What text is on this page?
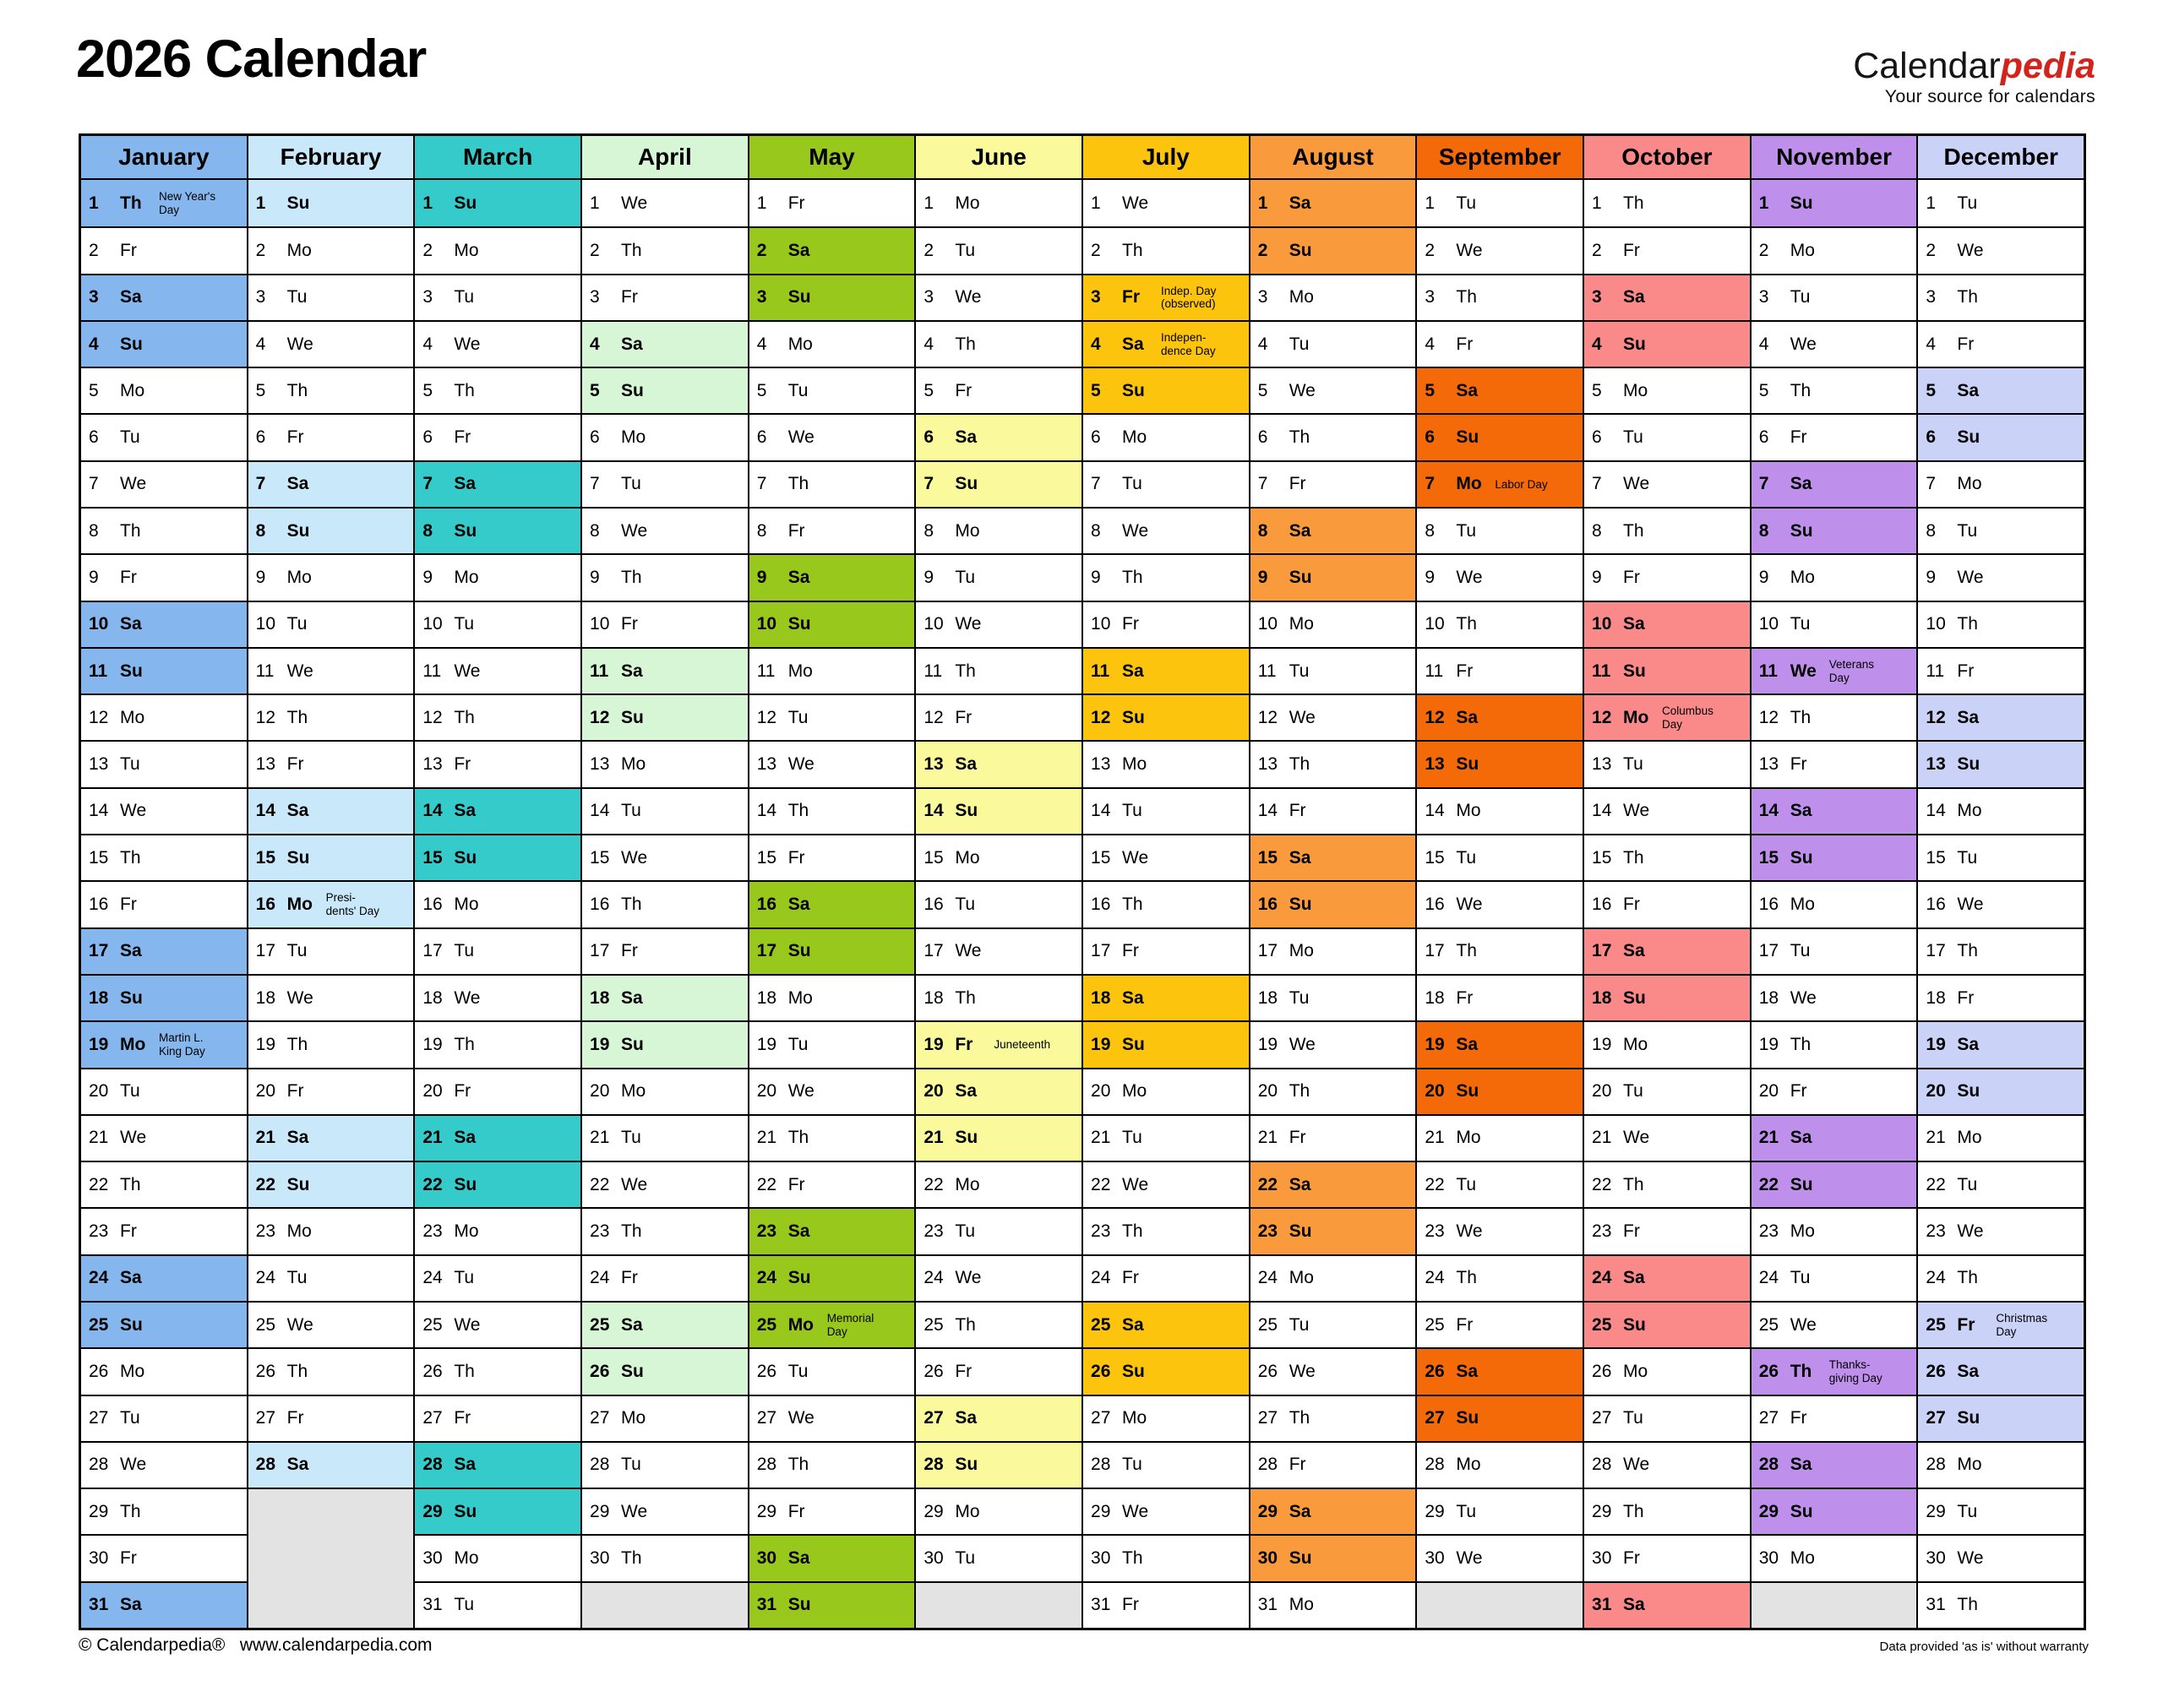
2026 Calendar	Calendarpedia
Your source for calendars
January
1	Th New Year's
Day
2	Fr
3	Sa
4	Su
5	Mo
6	Tu
7	We
8	Th
9	Fr
10 Sa
11 Su
12 Mo
13 Tu
14 We
15 Th
16 Fr
17 Sa
18 Su
19 Mo Martin L.
King Day
20 Tu
21 We
22 Th
23 Fr
24 Sa
25 Su
26 Mo
27 Tu
28 We
29 Th
30 Fr
31 Sa
February
1	Su
2	Mo
3	Tu
4	We
5	Th
6	Fr
7	Sa
8	Su
9	Mo
10 Tu
11 We
12 Th
13 Fr
14 Sa
15 Su
16 Mo Presi-
dents' Day
17 Tu
18 We
19 Th
20 Fr
21 Sa
22 Su
23 Mo
24 Tu
25 We
26 Th
27 Fr
28 Sa
March
1	Su
2	Mo
3	Tu
4	We
5	Th
6	Fr
7	Sa
8	Su
9	Mo
10 Tu
11 We
12 Th
13 Fr
14 Sa
15 Su
16 Mo
17 Tu
18 We
19 Th
20 Fr
21 Sa
22 Su
23 Mo
24 Tu
25 We
26 Th
27 Fr
28 Sa
29 Su
30 Mo
31 Tu
April
1	We
2	Th
3	Fr
4	Sa
5	Su
6	Mo
7	Tu
8	We
9	Th
10 Fr
11 Sa
12 Su
13 Mo
14 Tu
15 We
16 Th
17 Fr
18 Sa
19 Su
20 Mo
21 Tu
22 We
23 Th
24 Fr
25 Sa
26 Su
27 Mo
28 Tu
29 We
30 Th
May
1	Fr
2	Sa
3	Su
4	Mo
5	Tu
6	We
7	Th
8	Fr
9	Sa
10 Su
11 Mo
12 Tu
13 We
14 Th
15 Fr
16 Sa
17 Su
18 Mo
19 Tu
20 We
21 Th
22 Fr
23 Sa
24 Su
25 Mo Memorial
Day
26 Tu
27 We
28 Th
29 Fr
30 Sa
31 Su
June
1	Mo
2	Tu
3	We
4	Th
5	Fr
6	Sa
7	Su
8	Mo
9	Tu
10 We
11 Th
12 Fr
13 Sa
14 Su
15 Mo
16 Tu
17 We
18 Th
19 Fr Juneteenth
20 Sa
21 Su
22 Mo
23 Tu
24 We
25 Th
26 Fr
27 Sa
28 Su
29 Mo
30 Tu
July
1	We
2	Th
3	Fr Indep. Day
(observed)
4	Sa Indepen-
dence Day
5	Su
6	Mo
7	Tu
8	We
9	Th
10 Fr
11 Sa
12 Su
13 Mo
14 Tu
15 We
16 Th
17 Fr
18 Sa
19 Su
20 Mo
21 Tu
22 We
23 Th
24 Fr
25 Sa
26 Su
27 Mo
28 Tu
29 We
30 Th
31 Fr
August
1	Sa
2	Su
3	Mo
4	Tu
5	We
6	Th
7	Fr
8	Sa
9	Su
10 Mo
11 Tu
12 We
13 Th
14 Fr
15 Sa
16 Su
17 Mo
18 Tu
19 We
20 Th
21 Fr
22 Sa
23 Su
24 Mo
25 Tu
26 We
27 Th
28 Fr
29 Sa
30 Su
31 Mo
September
1	Tu
2	We
3	Th
4	Fr
5	Sa
6	Su
7	Mo Labor Day
8	Tu
9	We
10 Th
11 Fr
12 Sa
13 Su
14 Mo
15 Tu
16 We
17 Th
18 Fr
19 Sa
20 Su
21 Mo
22 Tu
23 We
24 Th
25 Fr
26 Sa
27 Su
28 Mo
29 Tu
30 We
October
1	Th
2	Fr
3	Sa
4	Su
5	Mo
6	Tu
7	We
8	Th
9	Fr
10 Sa
11 Su
12 Mo Columbus
Day
13 Tu
14 We
15 Th
16 Fr
17 Sa
18 Su
19 Mo
20 Tu
21 We
22 Th
23 Fr
24 Sa
25 Su
26 Mo
27 Tu
28 We
29 Th
30 Fr
31 Sa
November
1	Su
2	Mo
3	Tu
4	We
5	Th
6	Fr
7	Sa
8	Su
9	Mo
10 Tu
11 We Veterans
Day
12 Th
13 Fr
14 Sa
15 Su
16 Mo
17 Tu
18 We
19 Th
20 Fr
21 Sa
22 Su
23 Mo
24 Tu
25 We
26 Th Thanks-
giving Day
27 Fr
28 Sa
29 Su
30 Mo
December
1	Tu
2	We
3	Th
4	Fr
5	Sa
6	Su
7	Mo
8	Tu
9	We
10 Th
11 Fr
12 Sa
13 Su
14 Mo
15 Tu
16 We
17 Th
18 Fr
19 Sa
20 Su
21 Mo
22 Tu
23 We
24 Th
25 Fr Christmas
Day
26 Sa
27 Su
28 Mo
29 Tu
30 We
31 Th
© Calendarpedia®   www.calendarpedia.com	Data provided 'as is' without warranty
